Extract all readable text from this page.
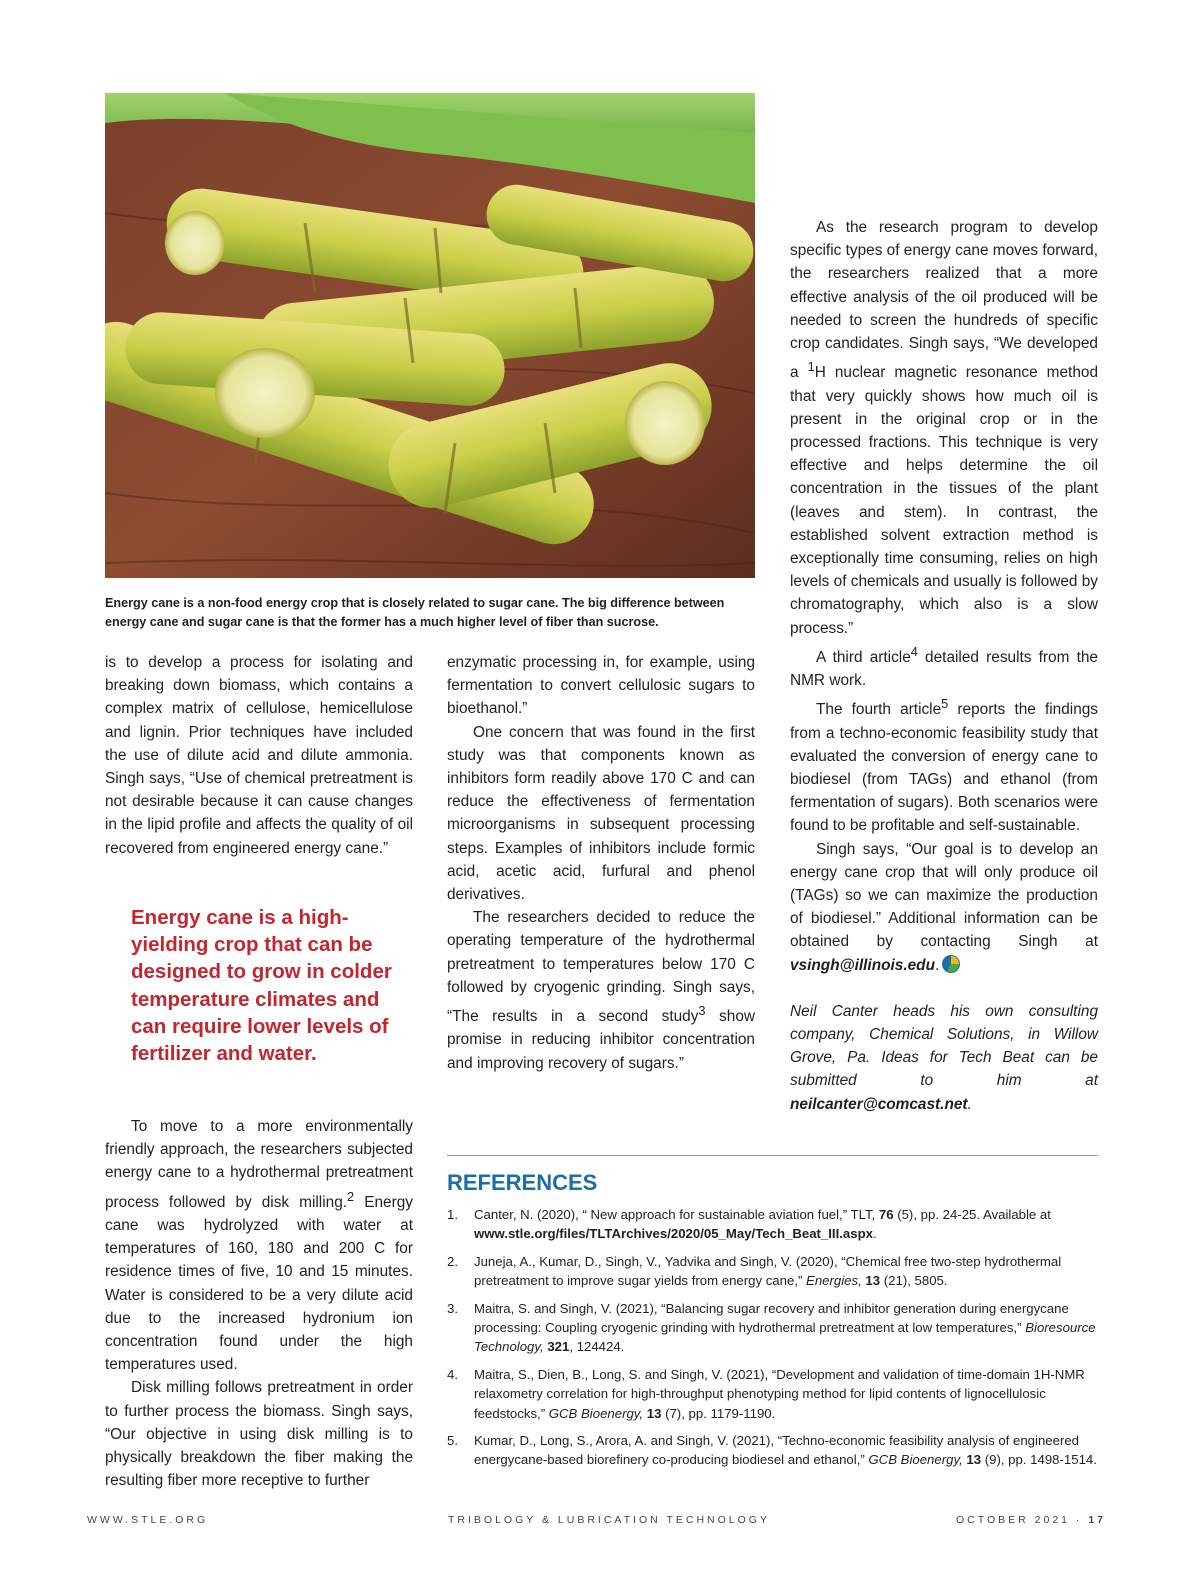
Energy cane is a non-food energy crop that is closely related to sugar cane. The big difference between energy cane and sugar cane is that the former has a much higher level of fiber than sucrose.

is to develop a process for isolating and breaking down biomass, which contains a complex matrix of cellulose, hemicellulose and lignin. Prior techniques have included the use of dilute acid and dilute ammonia. Singh says, “Use of chemical pretreatment is not desirable because it can cause changes in the lipid profile and affects the quality of oil recovered from engineered energy cane.”

Energy cane is a high-yielding crop that can be designed to grow in colder temperature climates and can require lower levels of fertilizer and water.

To move to a more environmentally friendly approach, the researchers subjected energy cane to a hydrothermal pretreatment process followed by disk milling.$^2$ Energy cane was hydrolyzed with water at temperatures of 160, 180 and 200 C for residence times of five, 10 and 15 minutes. Water is considered to be a very dilute acid due to the increased hydronium ion concentration found under the high temperatures used.

Disk milling follows pretreatment in order to further process the biomass. Singh says, “Our objective in using disk milling is to physically breakdown the fiber making the resulting fiber more receptive to further

enzymatic processing in, for example, using fermentation to convert cellulosic sugars to bioethanol.”

One concern that was found in the first study was that components known as inhibitors form readily above 170 C and can reduce the effectiveness of fermentation microorganisms in subsequent processing steps. Examples of inhibitors include formic acid, acetic acid, furfural and phenol derivatives.

The researchers decided to reduce the operating temperature of the hydrothermal pretreatment to temperatures below 170 C followed by cryogenic grinding. Singh says, “The results in a second study$^3$ show promise in reducing inhibitor concentration and improving recovery of sugars.”

As the research program to develop specific types of energy cane moves forward, the researchers realized that a more effective analysis of the oil produced will be needed to screen the hundreds of specific crop candidates. Singh says, “We developed a $^1$H nuclear magnetic resonance method that very quickly shows how much oil is present in the original crop or in the processed fractions. This technique is very effective and helps determine the oil concentration in the tissues of the plant (leaves and stem). In contrast, the established solvent extraction method is exceptionally time consuming, relies on high levels of chemicals and usually is followed by chromatography, which also is a slow process.”

A third article$^4$ detailed results from the NMR work.

The fourth article$^5$ reports the findings from a techno-economic feasibility study that evaluated the conversion of energy cane to biodiesel (from TAGs) and ethanol (from fermentation of sugars). Both scenarios were found to be profitable and self-sustainable.

Singh says, “Our goal is to develop an energy cane crop that will only produce oil (TAGs) so we can maximize the production of biodiesel.” Additional information can be obtained by contacting Singh at vsingh@illinois.edu.

Neil Canter heads his own consulting company, Chemical Solutions, in Willow Grove, Pa. Ideas for Tech Beat can be submitted to him at neilcanter@comcast.net.

REFERENCES
1. Canter, N. (2020), “ New approach for sustainable aviation fuel,” TLT, 76 (5), pp. 24-25. Available at www.stle.org/files/TLTArchives/2020/05_May/Tech_Beat_III.aspx.
2. Juneja, A., Kumar, D., Singh, V., Yadvika and Singh, V. (2020), “Chemical free two-step hydrothermal pretreatment to improve sugar yields from energy cane,” Energies, 13 (21), 5805.
3. Maitra, S. and Singh, V. (2021), “Balancing sugar recovery and inhibitor generation during energycane processing: Coupling cryogenic grinding with hydrothermal pretreatment at low temperatures,” Bioresource Technology, 321, 124424.
4. Maitra, S., Dien, B., Long, S. and Singh, V. (2021), “Development and validation of time-domain 1H-NMR relaxometry correlation for high-throughput phenotyping method for lipid contents of lignocellulosic feedstocks,” GCB Bioenergy, 13 (7), pp. 1179-1190.
5. Kumar, D., Long, S., Arora, A. and Singh, V. (2021), “Techno-economic feasibility analysis of engineered energycane-based biorefinery co-producing biodiesel and ethanol,” GCB Bioenergy, 13 (9), pp. 1498-1514.
WWW.STLE.ORG	TRIBOLOGY & LUBRICATION TECHNOLOGY	OCTOBER 2021 · 17
